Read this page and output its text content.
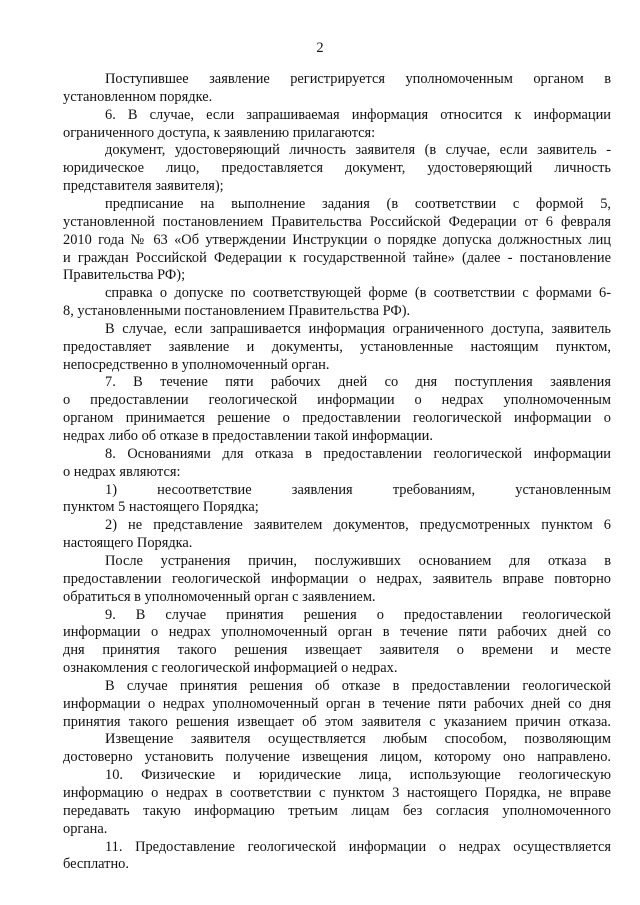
2
Поступившее заявление регистрируется уполномоченным органом в
установленном порядке.
6. В случае, если запрашиваемая информация относится к информации
ограниченного доступа, к заявлению прилагаются:
документ, удостоверяющий личность заявителя (в случае, если заявитель -
юридическое лицо, предоставляется документ, удостоверяющий личность
представителя заявителя);
предписание на выполнение задания (в соответствии с формой 5,
установленной постановлением Правительства Российской Федерации от 6 февраля
2010 года № 63 «Об утверждении Инструкции о порядке допуска должностных лиц
и граждан Российской Федерации к государственной тайне» (далее - постановление
Правительства РФ);
справка о допуске по соответствующей форме (в соответствии с формами 6-
8, установленными постановлением Правительства РФ).
В случае, если запрашивается информация ограниченного доступа, заявитель
предоставляет заявление и документы, установленные настоящим пунктом,
непосредственно в уполномоченный орган.
7. В течение пяти рабочих дней со дня поступления заявления
о предоставлении геологической информации о недрах уполномоченным
органом принимается решение о предоставлении геологической информации о
недрах либо об отказе в предоставлении такой информации.
8. Основаниями для отказа в предоставлении геологической информации
о недрах являются:
1) несоответствие заявления требованиям, установленным
пунктом 5 настоящего Порядка;
2) не представление заявителем документов, предусмотренных пунктом 6
настоящего Порядка.
После устранения причин, послуживших основанием для отказа в
предоставлении геологической информации о недрах, заявитель вправе повторно
обратиться в уполномоченный орган с заявлением.
9. В случае принятия решения о предоставлении геологической
информации о недрах уполномоченный орган в течение пяти рабочих дней со
дня принятия такого решения извещает заявителя о времени и месте
ознакомления с геологической информацией о недрах.
В случае принятия решения об отказе в предоставлении геологической
информации о недрах уполномоченный орган в течение пяти рабочих дней со дня
принятия такого решения извещает об этом заявителя с указанием причин отказа.
Извещение заявителя осуществляется любым способом, позволяющим
достоверно установить получение извещения лицом, которому оно направлено.
10. Физические и юридические лица, использующие геологическую
информацию о недрах в соответствии с пунктом 3 настоящего Порядка, не вправе
передавать такую информацию третьим лицам без согласия уполномоченного
органа.
11. Предоставление геологической информации о недрах осуществляется
бесплатно.
